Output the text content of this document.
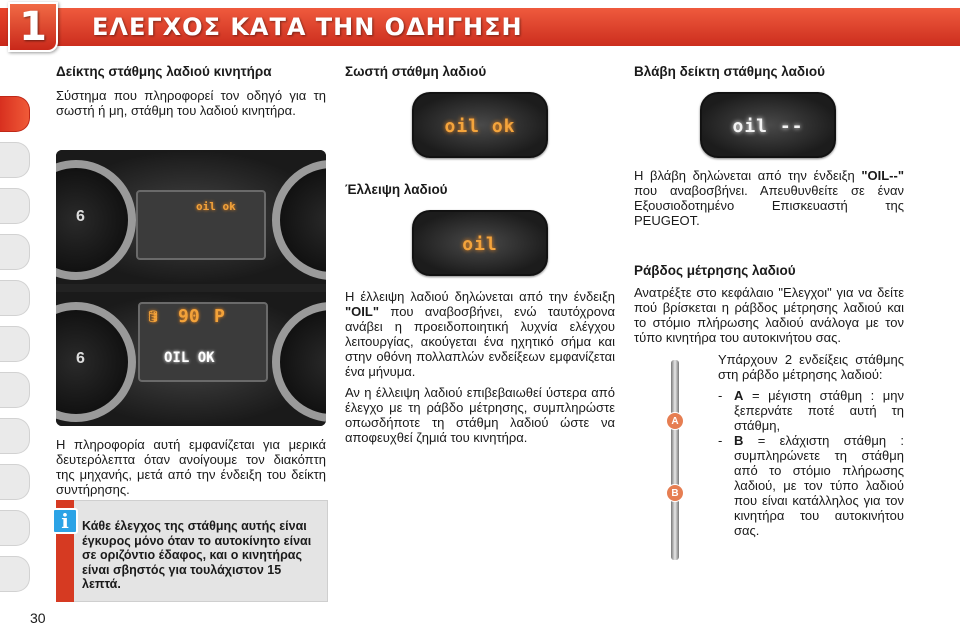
1 ΕΛΕΓΧΟΣ ΚΑΤΑ ΤΗΝ ΟΔΗΓΗΣΗ
Δείκτης στάθμης λαδιού κινητήρα

Σύστημα που πληροφορεί τον οδηγό για τη σωστή ή μη, στάθμη του λαδιού κινητήρα.

6
oil ok
6
🛢 90 P
OIL OK
Η πληροφορία αυτή εμφανίζεται για μερικά δευτερόλεπτα όταν ανοίγουμε τον διακόπτη της μηχανής, μετά από την ένδειξη του δείκτη συντήρησης.
i	Κάθε έλεγχος της στάθμης αυτής είναι έγκυρος μόνο όταν το αυτοκίνητο είναι σε οριζόντιο έδαφος, και ο κινητήρας είναι σβηστός για τουλάχιστον 15 λεπτά.
Σωστή στάθμη λαδιού
oil ok
Έλλειψη λαδιού
oil

Η έλλειψη λαδιού δηλώνεται από την ένδειξη "OIL" που αναβοσβήνει, ενώ ταυτόχρονα ανάβει η προειδοποιητική λυχνία ελέγχου λειτουργίας, ακούγεται ένα ηχητικό σήμα και στην οθόνη πολλαπλών ενδείξεων εμφανίζεται ένα μήνυμα.

Αν η έλλειψη λαδιού επιβεβαιωθεί ύστερα από έλεγχο με τη ράβδο μέτρησης, συμπληρώστε οπωσδήποτε τη στάθμη λαδιού ώστε να αποφευχθεί ζημιά του κινητήρα.

Βλάβη δείκτη στάθμης λαδιού
oil --
Η βλάβη δηλώνεται από την ένδειξη "OIL--" που αναβοσβήνει. Απευθυνθείτε σε έναν Εξουσιοδοτημένο Επισκευαστή της PEUGEOT.
Ράβδος μέτρησης λαδιού
Ανατρέξτε στο κεφάλαιο "Ελεγχοι" για να δείτε πού βρίσκεται η ράβδος μέτρησης λαδιού και το στόμιο πλήρωσης λαδιού ανάλογα με τον τύπο κινητήρα του αυτοκινήτου σας.
A
B

Υπάρχουν 2 ενδείξεις στάθμης στη ράβδο μέτρησης λαδιού:

- A = μέγιστη στάθμη : μην ξεπερνάτε ποτέ αυτή τη στάθμη,
- B = ελάχιστη στάθμη : συμπληρώνετε τη στάθμη από το στόμιο πλήρωσης λαδιού, με τον τύπο λαδιού που είναι κατάλληλος για τον κινητήρα του αυτοκινήτου σας.
30
